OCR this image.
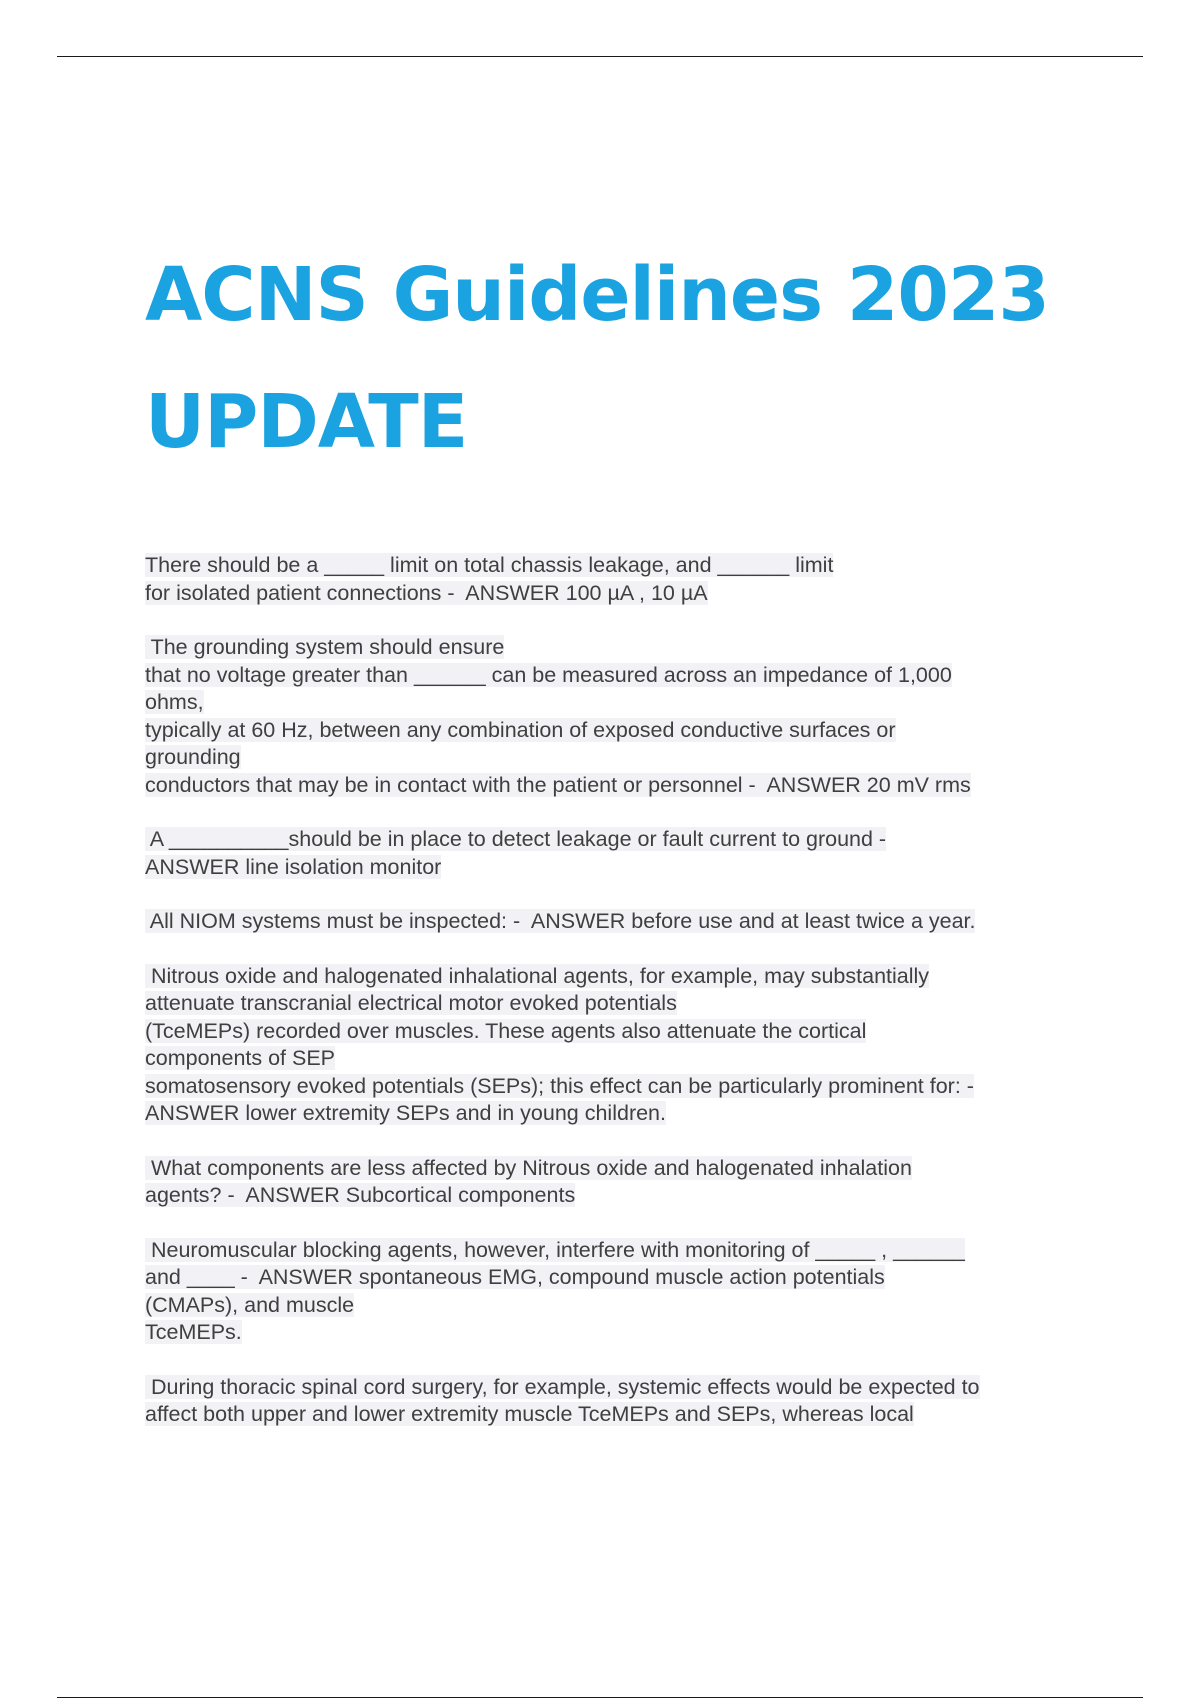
ACNS Guidelines 2023
UPDATE

There should be a _____ limit on total chassis leakage, and ______ limit
for isolated patient connections -  ANSWER 100 µA , 10 µA

The grounding system should ensure
that no voltage greater than ______ can be measured across an impedance of 1,000
ohms,
typically at 60 Hz, between any combination of exposed conductive surfaces or
grounding
conductors that may be in contact with the patient or personnel -  ANSWER 20 mV rms

A __________should be in place to detect leakage or fault current to ground -
ANSWER line isolation monitor

All NIOM systems must be inspected: -  ANSWER before use and at least twice a year.

Nitrous oxide and halogenated inhalational agents, for example, may substantially
attenuate transcranial electrical motor evoked potentials
(TceMEPs) recorded over muscles. These agents also attenuate the cortical
components of SEP
somatosensory evoked potentials (SEPs); this effect can be particularly prominent for: -
ANSWER lower extremity SEPs and in young children.

What components are less affected by Nitrous oxide and halogenated inhalation
agents? -  ANSWER Subcortical components

Neuromuscular blocking agents, however, interfere with monitoring of _____ , ______
and ____ -  ANSWER spontaneous EMG, compound muscle action potentials
(CMAPs), and muscle
TceMEPs.

During thoracic spinal cord surgery, for example, systemic effects would be expected to
affect both upper and lower extremity muscle TceMEPs and SEPs, whereas local
